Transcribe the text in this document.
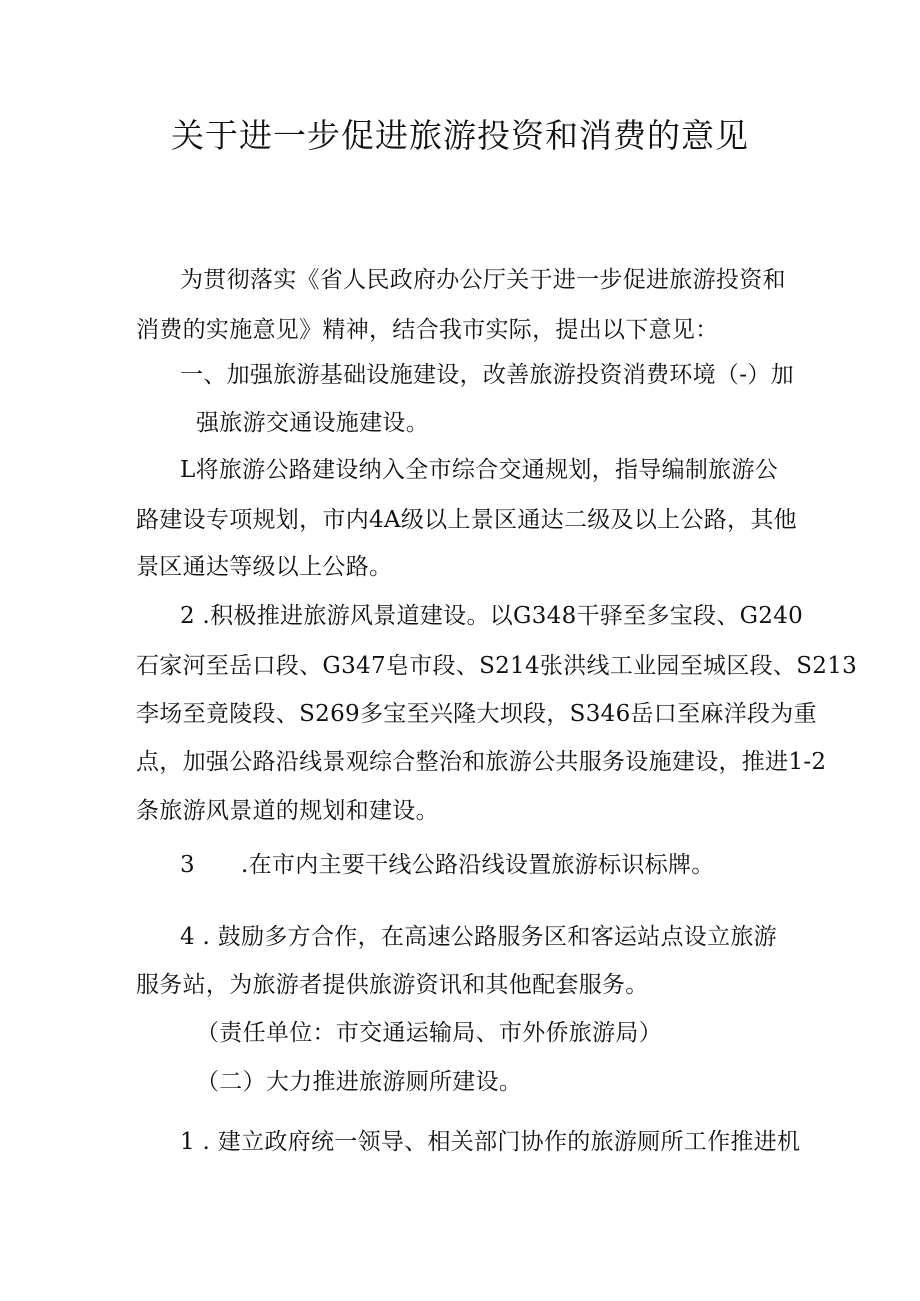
关于进一步促进旅游投资和消费的意见
为贯彻落实《省人民政府办公厅关于进一步促进旅游投资和
消费的实施意见》精神，结合我市实际，提出以下意见：
一、加强旅游基础设施建设，改善旅游投资消费环境（-）加
强旅游交通设施建设。
L将旅游公路建设纳入全市综合交通规划，指导编制旅游公
路建设专项规划，市内4A级以上景区通达二级及以上公路，其他
景区通达等级以上公路。
2 .积极推进旅游风景道建设。以G348干驿至多宝段、G240
石家河至岳口段、G347皂市段、S214张洪线工业园至城区段、S213
李场至竟陵段、S269多宝至兴隆大坝段，S346岳口至麻洋段为重
点，加强公路沿线景观综合整治和旅游公共服务设施建设，推进1-2
条旅游风景道的规划和建设。
3 .在市内主要干线公路沿线设置旅游标识标牌。
4 . 鼓励多方合作，在高速公路服务区和客运站点设立旅游
服务站，为旅游者提供旅游资讯和其他配套服务。
（责任单位：市交通运输局、市外侨旅游局）
（二）大力推进旅游厕所建设。
1 . 建立政府统一领导、相关部门协作的旅游厕所工作推进机
